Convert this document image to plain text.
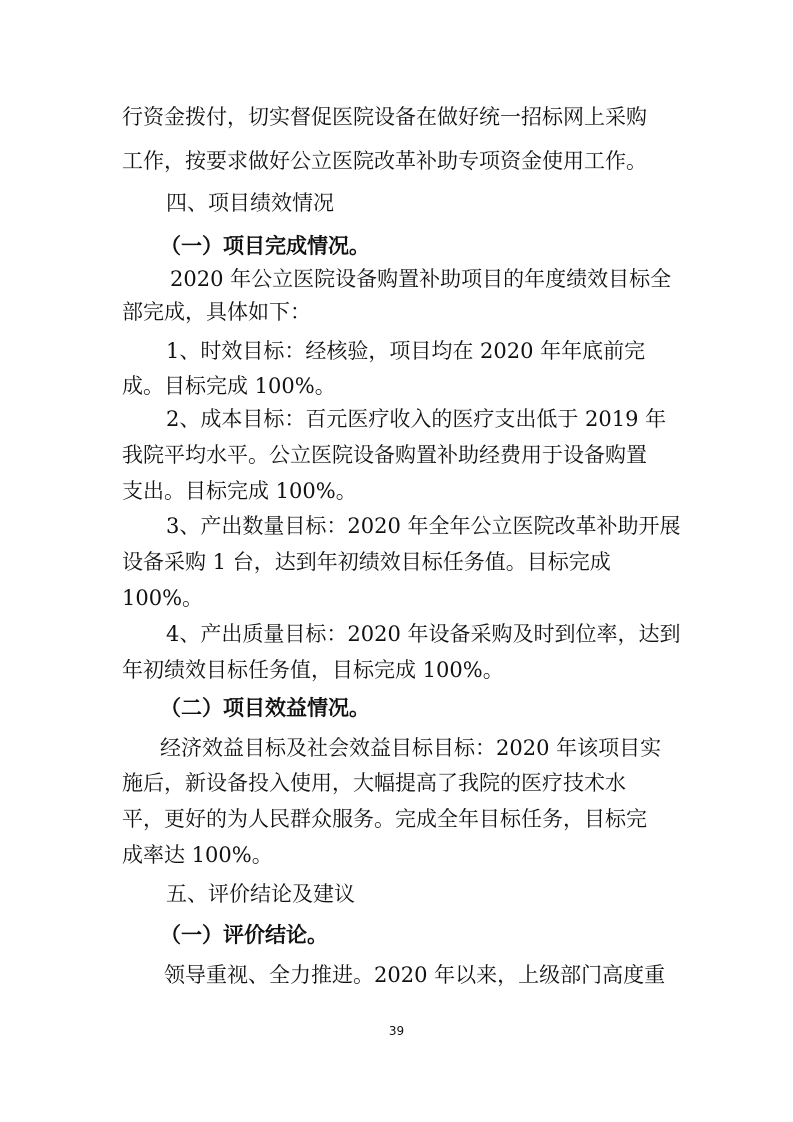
行资金拨付，切实督促医院设备在做好统一招标网上采购
工作，按要求做好公立医院改革补助专项资金使用工作。
四、项目绩效情况
（一）项目完成情况。
2020 年公立医院设备购置补助项目的年度绩效目标全
部完成，具体如下：
1、时效目标：经核验，项目均在 2020 年年底前完
成。目标完成 100%。
2、成本目标：百元医疗收入的医疗支出低于 2019 年
我院平均水平。公立医院设备购置补助经费用于设备购置
支出。目标完成 100%。
3、产出数量目标：2020 年全年公立医院改革补助开展
设备采购 1 台，达到年初绩效目标任务值。目标完成
100%。
4、产出质量目标：2020 年设备采购及时到位率，达到
年初绩效目标任务值，目标完成 100%。
（二）项目效益情况。
经济效益目标及社会效益目标目标：2020 年该项目实
施后，新设备投入使用，大幅提高了我院的医疗技术水
平，更好的为人民群众服务。完成全年目标任务，目标完
成率达 100%。
五、评价结论及建议
（一）评价结论。
领导重视、全力推进。2020 年以来，上级部门高度重
39
